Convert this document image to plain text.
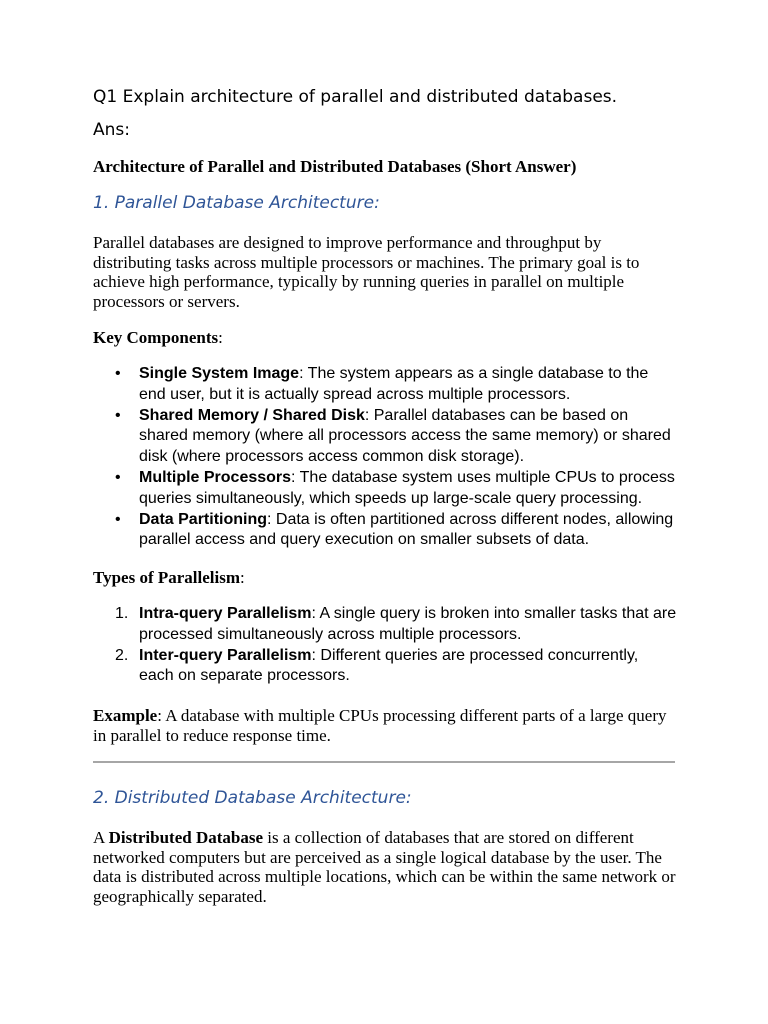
Q1 Explain architecture of parallel and distributed databases.
Ans:
Architecture of Parallel and Distributed Databases (Short Answer)
1. Parallel Database Architecture:
Parallel databases are designed to improve performance and throughput by distributing tasks across multiple processors or machines. The primary goal is to achieve high performance, typically by running queries in parallel on multiple processors or servers.
Key Components:
• Single System Image: The system appears as a single database to the end user, but it is actually spread across multiple processors.
• Shared Memory / Shared Disk: Parallel databases can be based on shared memory (where all processors access the same memory) or shared disk (where processors access common disk storage).
• Multiple Processors: The database system uses multiple CPUs to process queries simultaneously, which speeds up large-scale query processing.
• Data Partitioning: Data is often partitioned across different nodes, allowing parallel access and query execution on smaller subsets of data.
Types of Parallelism:
1. Intra-query Parallelism: A single query is broken into smaller tasks that are processed simultaneously across multiple processors.
2. Inter-query Parallelism: Different queries are processed concurrently, each on separate processors.
Example: A database with multiple CPUs processing different parts of a large query in parallel to reduce response time.
2. Distributed Database Architecture:
A Distributed Database is a collection of databases that are stored on different networked computers but are perceived as a single logical database by the user. The data is distributed across multiple locations, which can be within the same network or geographically separated.
